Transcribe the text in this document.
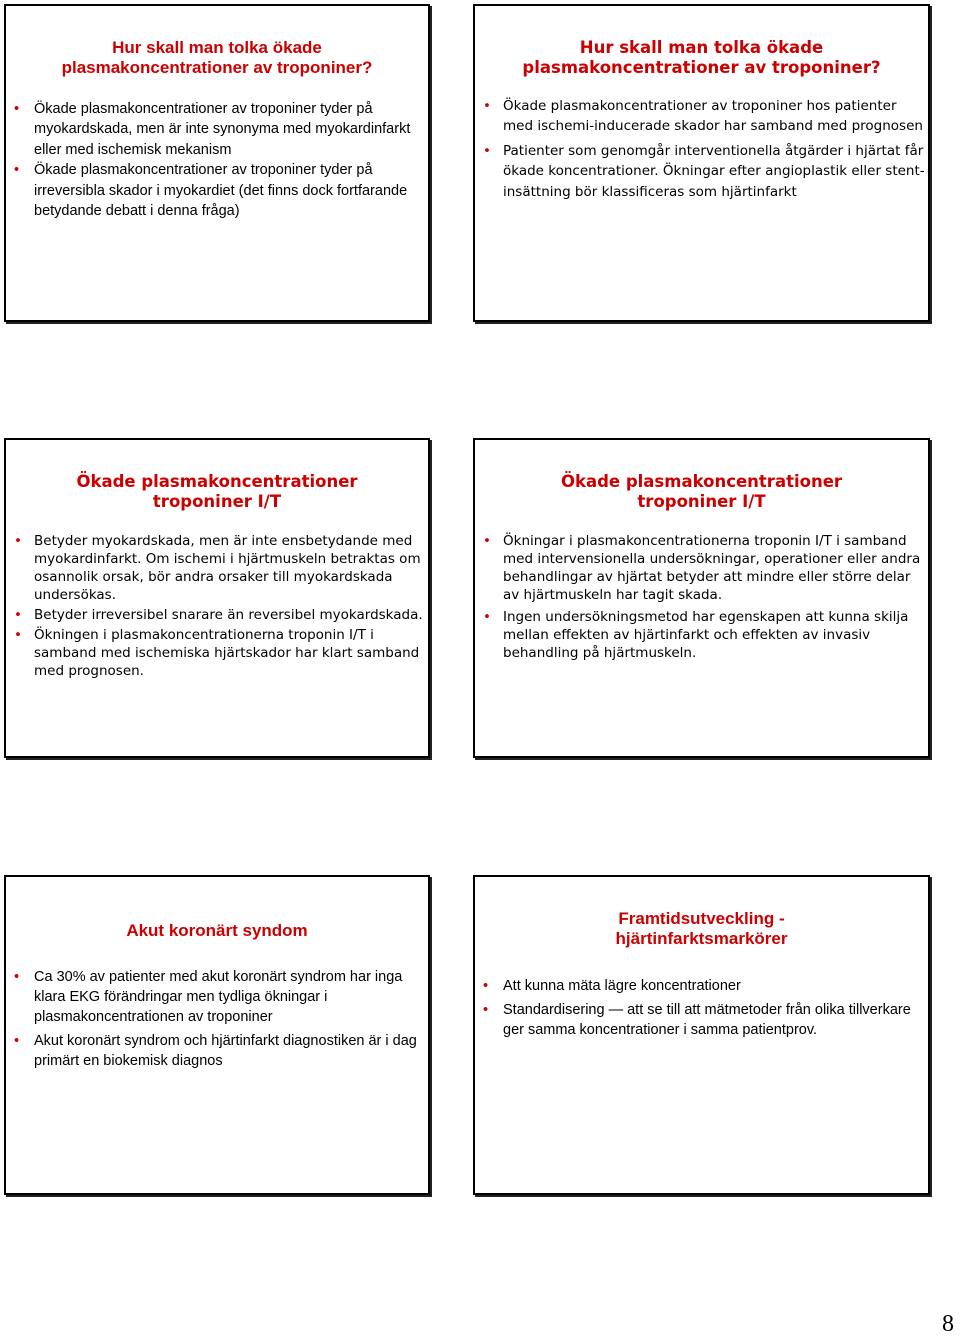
Hur skall man tolka ökade
plasmakoncentrationer av troponiner?
• Ökade plasmakoncentrationer av troponiner tyder på myokardskada, men är inte synonyma med myokardinfarkt eller med ischemisk mekanism
• Ökade plasmakoncentrationer av troponiner tyder på irreversibla skador i myokardiet (det finns dock fortfarande betydande debatt i denna fråga)
Hur skall man tolka ökade
plasmakoncentrationer av troponiner?
• Ökade plasmakoncentrationer av troponiner hos patienter med ischemi-inducerade skador har samband med prognosen
• Patienter som genomgår interventionella åtgärder i hjärtat får ökade koncentrationer. Ökningar efter angioplastik eller stent-insättning bör klassificeras som hjärtinfarkt
Ökade plasmakoncentrationer
troponiner I/T
• Betyder myokardskada, men är inte ensbetydande med myokardinfarkt. Om ischemi i hjärtmuskeln betraktas om osannolik orsak, bör andra orsaker till myokardskada undersökas.
• Betyder irreversibel snarare än reversibel myokardskada.
• Ökningen i plasmakoncentrationerna troponin I/T i samband med ischemiska hjärtskador har klart samband med prognosen.
Ökade plasmakoncentrationer
troponiner I/T
• Ökningar i plasmakoncentrationerna troponin I/T i samband med intervensionella undersökningar, operationer eller andra behandlingar av hjärtat betyder att mindre eller större delar av hjärtmuskeln har tagit skada.
• Ingen undersökningsmetod har egenskapen att kunna skilja mellan effekten av hjärtinfarkt och effekten av invasiv behandling på hjärtmuskeln.
Akut koronärt syndom
• Ca 30% av patienter med akut koronärt syndrom har inga klara EKG förändringar men tydliga ökningar i plasmakoncentrationen av troponiner
• Akut koronärt syndrom och hjärtinfarkt diagnostiken är i dag primärt en biokemisk diagnos
Framtidsutveckling -
hjärtinfarktsmarkörer
• Att kunna mäta lägre koncentrationer
• Standardisering — att se till att mätmetoder från olika tillverkare ger samma koncentrationer i samma patientprov.
8
